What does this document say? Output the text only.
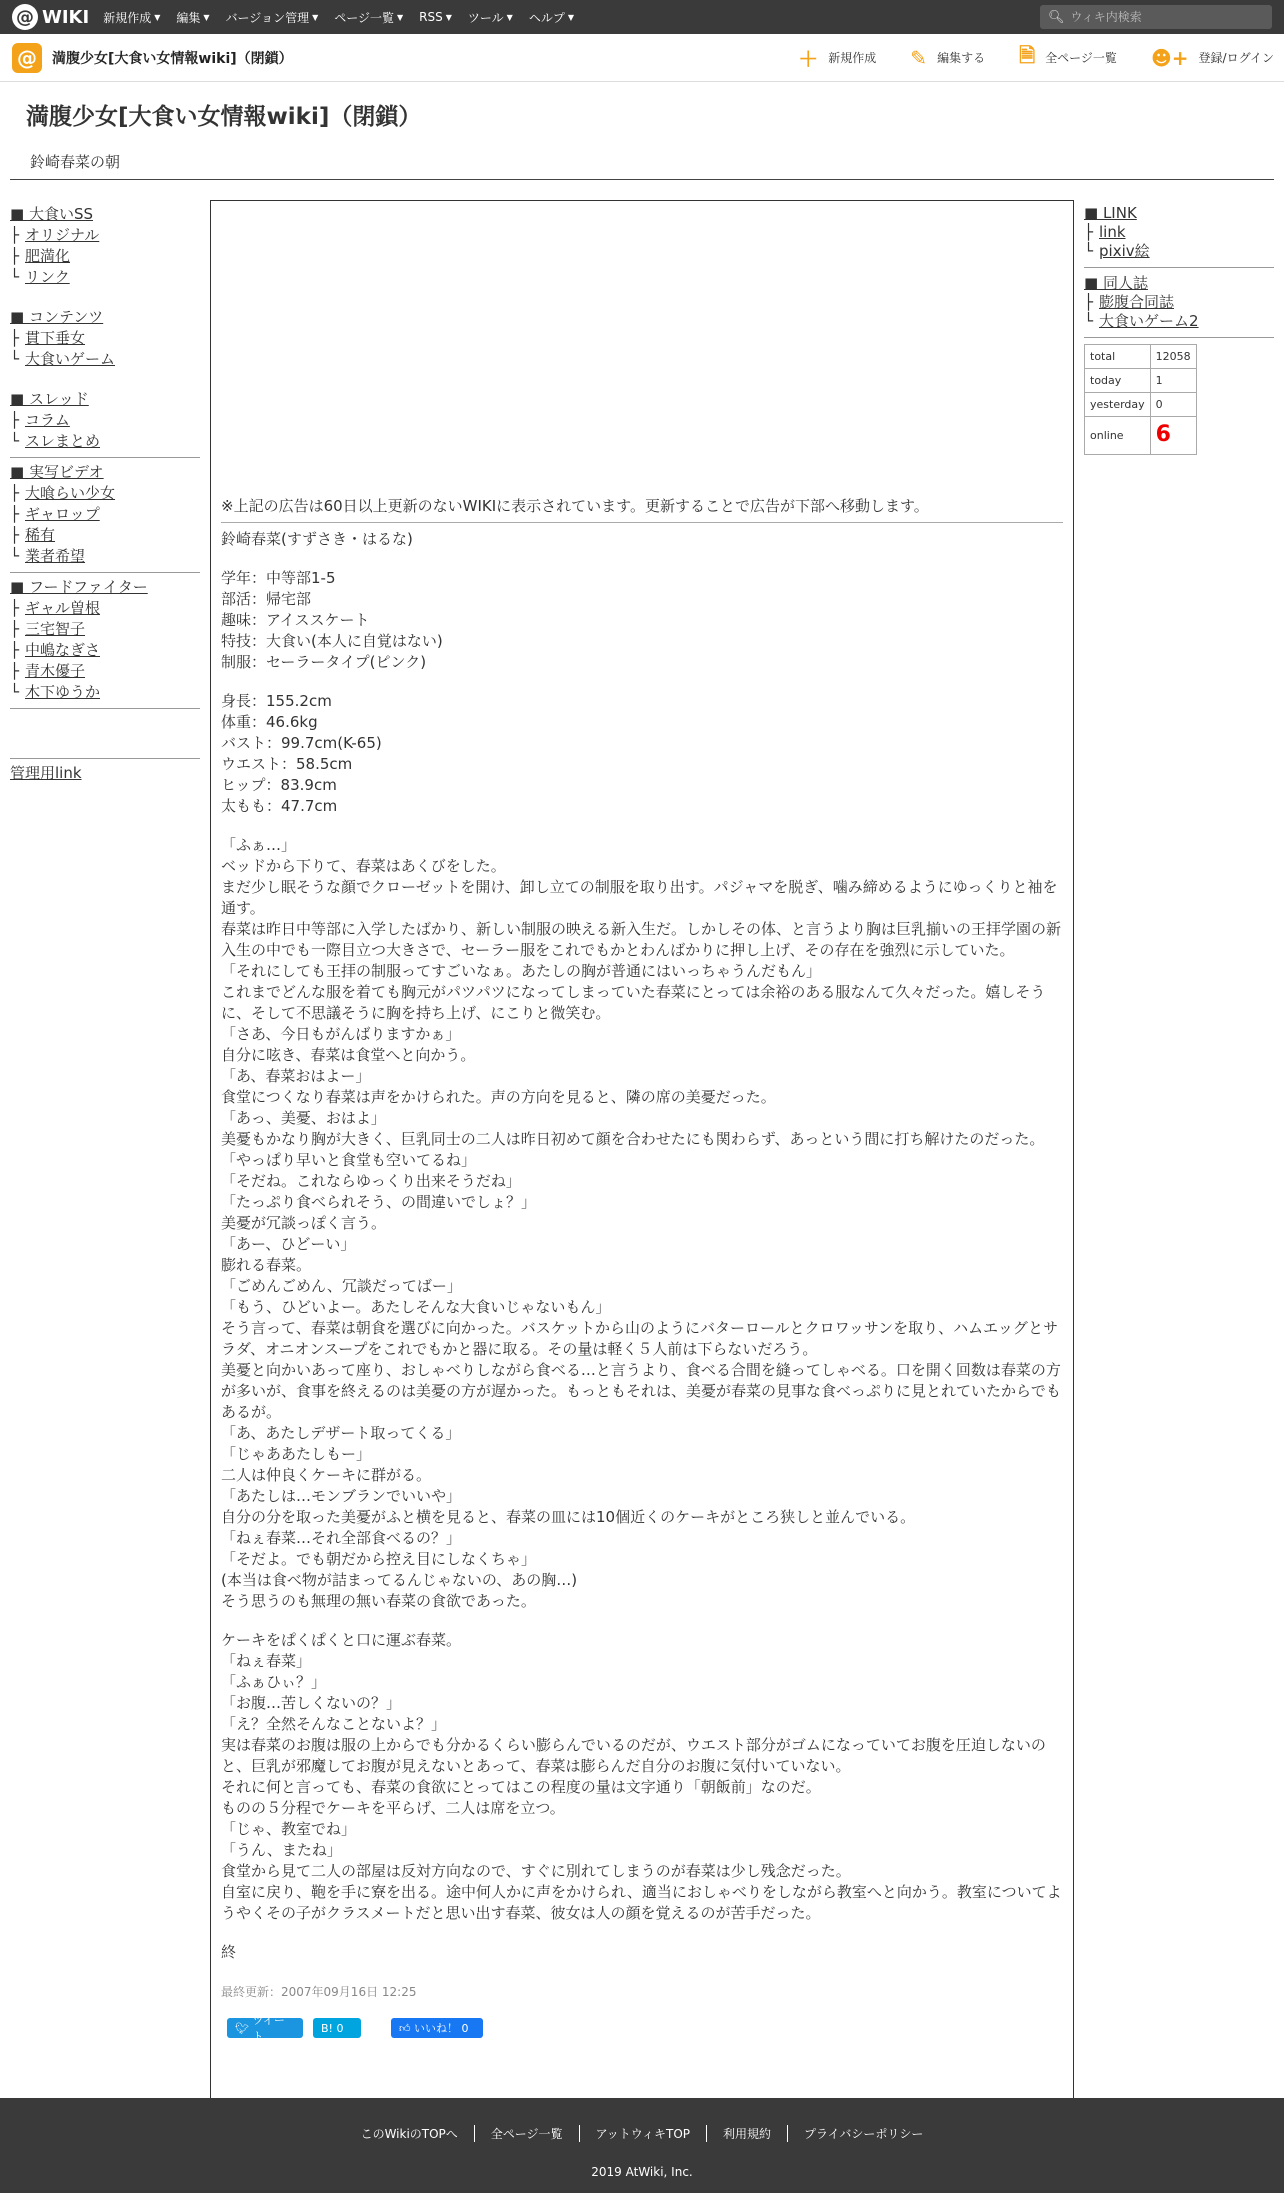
@ WIKI 新規作成 ▼ 編集 ▼ バージョン管理 ▼ ページ一覧 ▼ RSS ▼ ツール ▼ ヘルプ ▼	🔍︎
ウィキ内検索
@	満腹少女[大食い女情報wiki]（閉鎖）	＋ 新規作成 ✎ 編集する 🗎 全ページ一覧 ☻+ 登録/ログイン
満腹少女[大食い女情報wiki]（閉鎖）
鈴崎春菜の朝
■ 大食いSS
├ オリジナル
├ 肥満化
└ リンク
■ コンテンツ
├ 貫下垂女
└ 大食いゲーム
■ スレッド
├ コラム
└ スレまとめ
■ 実写ビデオ
├ 大喰らい少女
├ ギャロップ
├ 稀有
└ 業者希望
■ フードファイター
├ ギャル曽根
├ 三宅智子
├ 中嶋なぎさ
├ 青木優子
└ 木下ゆうか
管理用link
※上記の広告は60日以上更新のないWIKIに表示されています。更新することで広告が下部へ移動します。
鈴崎春菜(すずさき・はるな)
学年：中等部1-5
部活：帰宅部
趣味：アイススケート
特技：大食い(本人に自覚はない)
制服：セーラータイプ(ピンク)
身長：155.2cm
体重：46.6kg
バスト：99.7cm(K-65)
ウエスト：58.5cm
ヒップ：83.9cm
太もも：47.7cm
「ふぁ…」
ベッドから下りて、春菜はあくびをした。
まだ少し眠そうな顔でクローゼットを開け、卸し立ての制服を取り出す。パジャマを脱ぎ、噛み締めるようにゆっくりと袖を通す。
春菜は昨日中等部に入学したばかり、新しい制服の映える新入生だ。しかしその体、と言うより胸は巨乳揃いの王拝学園の新入生の中でも一際目立つ大きさで、セーラー服をこれでもかとわんばかりに押し上げ、その存在を強烈に示していた。
「それにしても王拝の制服ってすごいなぁ。あたしの胸が普通にはいっちゃうんだもん」
これまでどんな服を着ても胸元がパツパツになってしまっていた春菜にとっては余裕のある服なんて久々だった。嬉しそうに、そして不思議そうに胸を持ち上げ、にこりと微笑む。
「さあ、今日もがんばりますかぁ」
自分に呟き、春菜は食堂へと向かう。
「あ、春菜おはよー」
食堂につくなり春菜は声をかけられた。声の方向を見ると、隣の席の美憂だった。
「あっ、美憂、おはよ」
美憂もかなり胸が大きく、巨乳同士の二人は昨日初めて顔を合わせたにも関わらず、あっという間に打ち解けたのだった。
「やっぱり早いと食堂も空いてるね」
「そだね。これならゆっくり出来そうだね」
「たっぷり食べられそう、の間違いでしょ？」
美憂が冗談っぽく言う。
「あー、ひどーい」
膨れる春菜。
「ごめんごめん、冗談だってばー」
「もう、ひどいよー。あたしそんな大食いじゃないもん」
そう言って、春菜は朝食を選びに向かった。バスケットから山のようにバターロールとクロワッサンを取り、ハムエッグとサラダ、オニオンスープをこれでもかと器に取る。その量は軽く５人前は下らないだろう。
美憂と向かいあって座り、おしゃべりしながら食べる…と言うより、食べる合間を縫ってしゃべる。口を開く回数は春菜の方が多いが、食事を終えるのは美憂の方が遅かった。もっともそれは、美憂が春菜の見事な食べっぷりに見とれていたからでもあるが。
「あ、あたしデザート取ってくる」
「じゃああたしもー」
二人は仲良くケーキに群がる。
「あたしは…モンブランでいいや」
自分の分を取った美憂がふと横を見ると、春菜の皿には10個近くのケーキがところ狭しと並んでいる。
「ねぇ春菜…それ全部食べるの？」
「そだよ。でも朝だから控え目にしなくちゃ」
(本当は食べ物が詰まってるんじゃないの、あの胸…)
そう思うのも無理の無い春菜の食欲であった。
ケーキをぱくぱくと口に運ぶ春菜。
「ねぇ春菜」
「ふぁひぃ？」
「お腹…苦しくないの？」
「え？全然そんなことないよ？」
実は春菜のお腹は服の上からでも分かるくらい膨らんでいるのだが、ウエスト部分がゴムになっていてお腹を圧迫しないのと、巨乳が邪魔してお腹が見えないとあって、春菜は膨らんだ自分のお腹に気付いていない。
それに何と言っても、春菜の食欲にとってはこの程度の量は文字通り「朝飯前」なのだ。
ものの５分程でケーキを平らげ、二人は席を立つ。
「じゃ、教室でね」
「うん、またね」
食堂から見て二人の部屋は反対方向なので、すぐに別れてしまうのが春菜は少し残念だった。
自室に戻り、鞄を手に寮を出る。途中何人かに声をかけられ、適当におしゃべりをしながら教室へと向かう。教室についてようやくその子がクラスメートだと思い出す春菜、彼女は人の顔を覚えるのが苦手だった。
終
最終更新：2007年09月16日 12:25
🐦︎

ツイート
B! 0	👍︎
いいね！ 0
■ LINK
├ link
└ pixiv絵
■ 同人誌
├ 膨腹合同誌
└ 大食いゲーム2
total	12058
today	1
yesterday	0
online	6
このWikiのTOPへ	全ページ一覧	アットウィキTOP	利用規約	プライバシーポリシー
2019 AtWiki, Inc.
